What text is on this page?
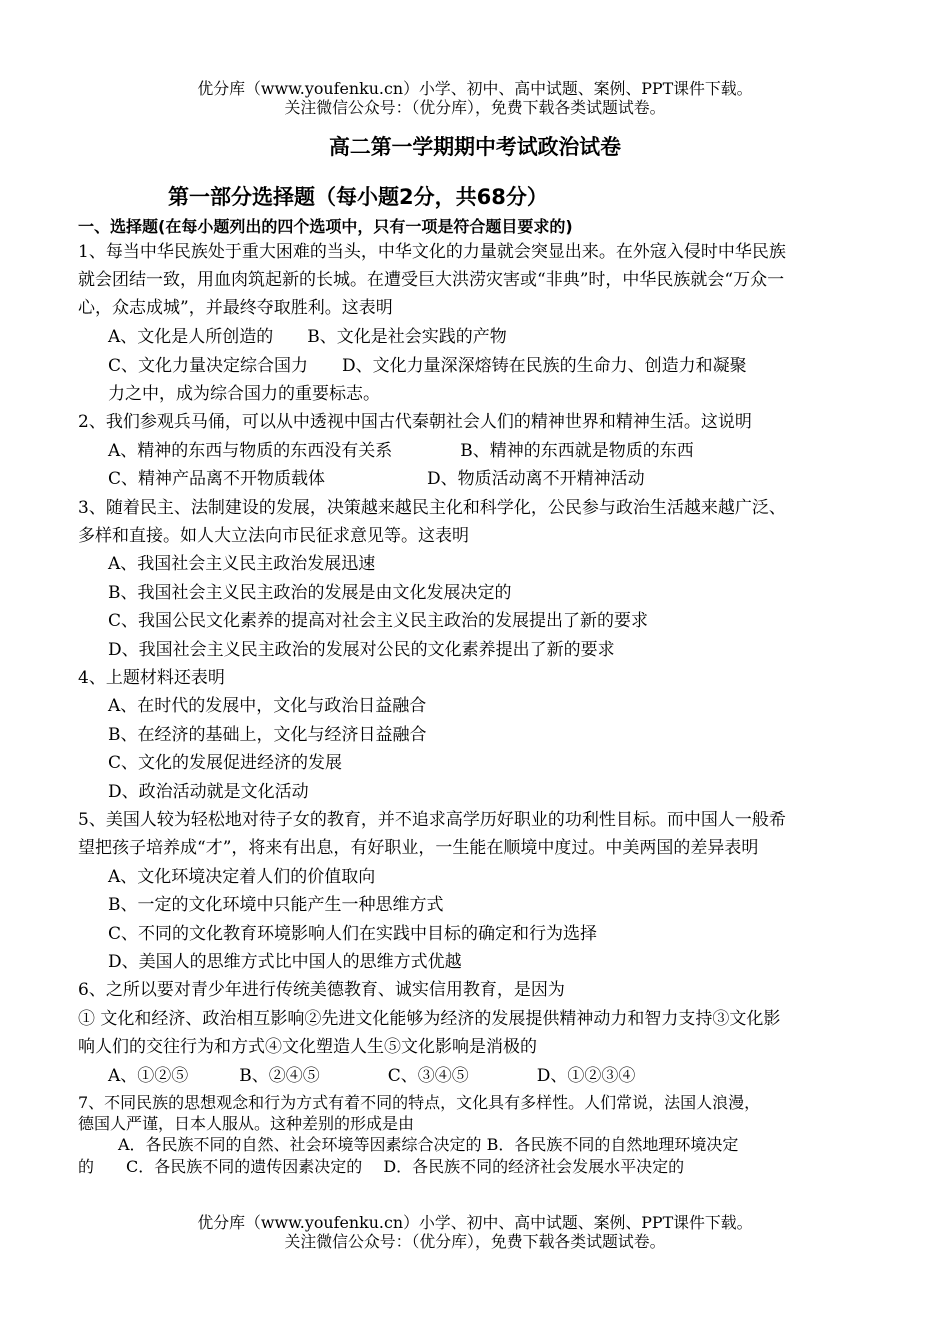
优分库（www.youfenku.cn）小学、初中、高中试题、案例、PPT课件下载。
关注微信公众号：（优分库），免费下载各类试题试卷。
高二第一学期期中考试政治试卷
第一部分选择题（每小题2分，共68分）
一、选择题(在每小题列出的四个选项中，只有一项是符合题目要求的)
1、每当中华民族处于重大困难的当头，中华文化的力量就会突显出来。在外寇入侵时中华民族
就会团结一致，用血肉筑起新的长城。在遭受巨大洪涝灾害或“非典”时，中华民族就会“万众一
心，众志成城”，并最终夺取胜利。这表明
A、文化是人所创造的　　B、文化是社会实践的产物
C、文化力量决定综合国力　　D、文化力量深深熔铸在民族的生命力、创造力和凝聚
力之中，成为综合国力的重要标志。
2、我们参观兵马俑，可以从中透视中国古代秦朝社会人们的精神世界和精神生活。这说明
A、精神的东西与物质的东西没有关系　　　　B、精神的东西就是物质的东西
C、精神产品离不开物质载体　　　　　　D、物质活动离不开精神活动
3、随着民主、法制建设的发展，决策越来越民主化和科学化，公民参与政治生活越来越广泛、
多样和直接。如人大立法向市民征求意见等。这表明
A、我国社会主义民主政治发展迅速
B、我国社会主义民主政治的发展是由文化发展决定的
C、我国公民文化素养的提高对社会主义民主政治的发展提出了新的要求
D、我国社会主义民主政治的发展对公民的文化素养提出了新的要求
4、上题材料还表明
A、在时代的发展中，文化与政治日益融合
B、在经济的基础上，文化与经济日益融合
C、文化的发展促进经济的发展
D、政治活动就是文化活动
5、美国人较为轻松地对待子女的教育，并不追求高学历好职业的功利性目标。而中国人一般希
望把孩子培养成“才”，将来有出息，有好职业，一生能在顺境中度过。中美两国的差异表明
A、文化环境决定着人们的价值取向
B、一定的文化环境中只能产生一种思维方式
C、不同的文化教育环境影响人们在实践中目标的确定和行为选择
D、美国人的思维方式比中国人的思维方式优越
6、之所以要对青少年进行传统美德教育、诚实信用教育，是因为
① 文化和经济、政治相互影响②先进文化能够为经济的发展提供精神动力和智力支持③文化影
响人们的交往行为和方式④文化塑造人生⑤文化影响是消极的
A、①②⑤　　　B、②④⑤　　　　C、③④⑤　　　　D、①②③④
7、不同民族的思想观念和行为方式有着不同的特点，文化具有多样性。人们常说，法国人浪漫，
德国人严谨，日本人服从。这种差别的形成是由
A．各民族不同的自然、社会环境等因素综合决定的 B．各民族不同的自然地理环境决定
的　　C．各民族不同的遗传因素决定的　 D．各民族不同的经济社会发展水平决定的
优分库（www.youfenku.cn）小学、初中、高中试题、案例、PPT课件下载。
关注微信公众号：（优分库），免费下载各类试题试卷。
